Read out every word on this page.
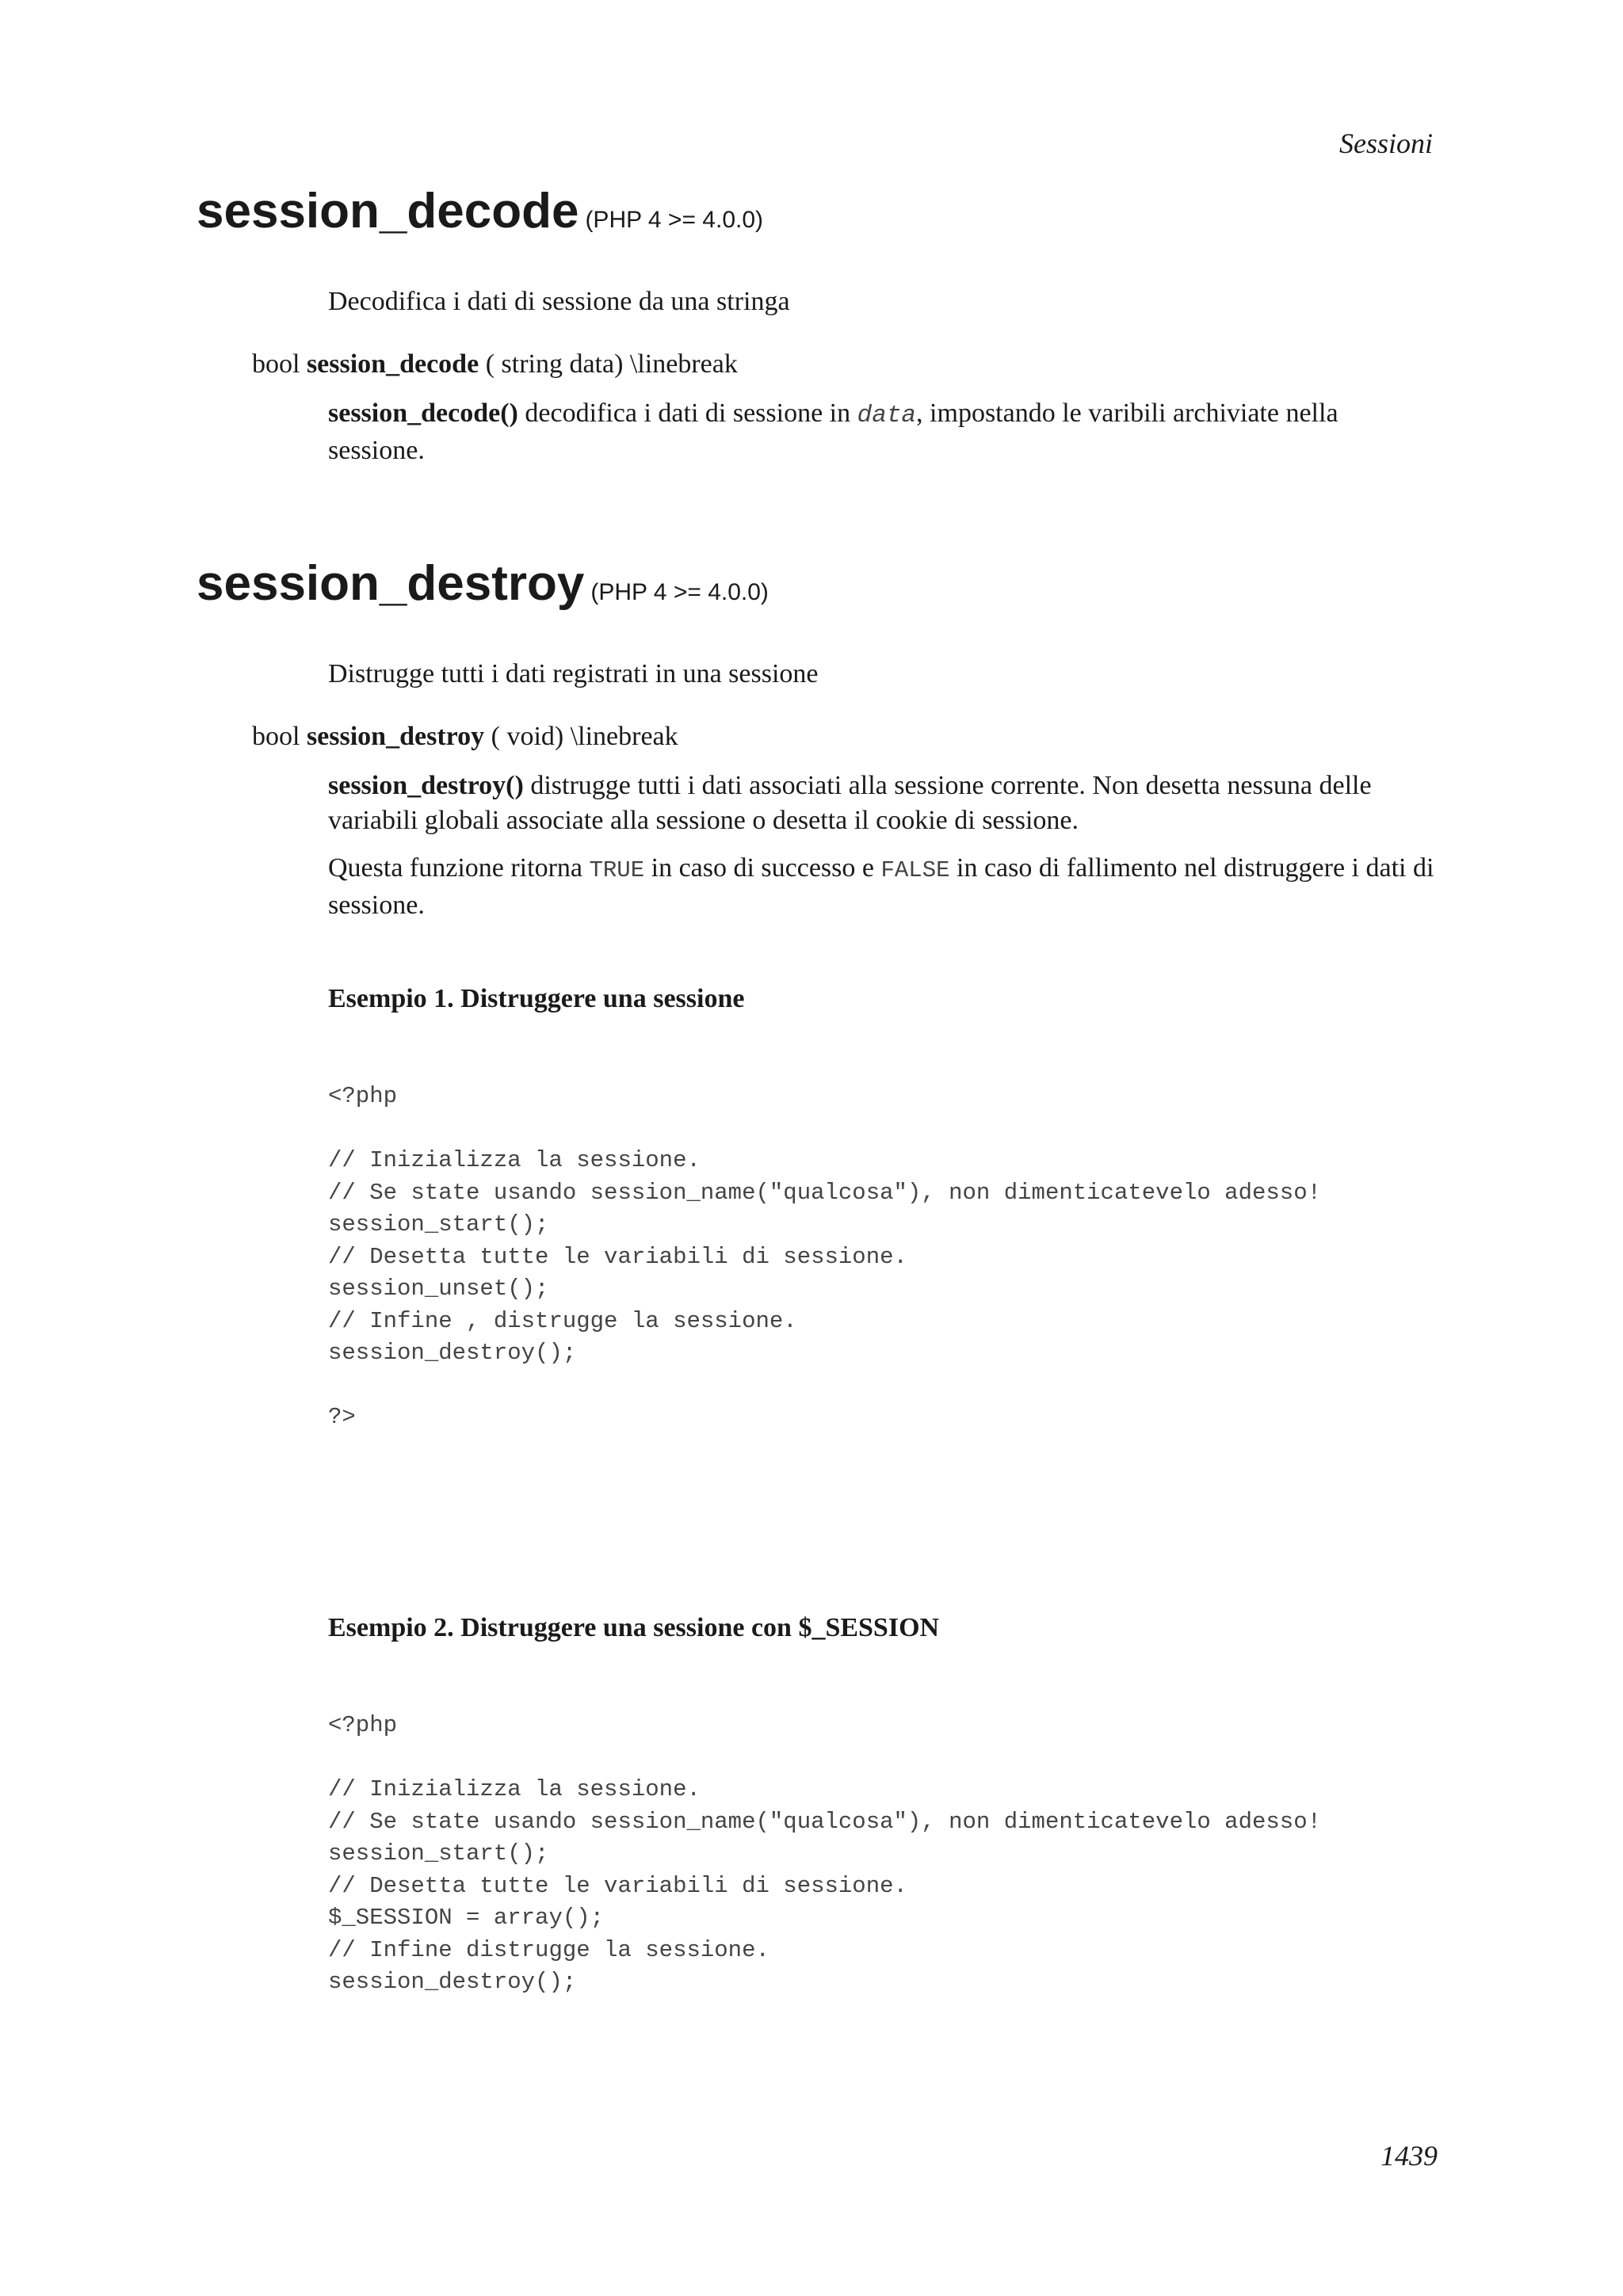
Sessioni
session_decode (PHP 4 >= 4.0.0)
Decodifica i dati di sessione da una stringa
bool session_decode ( string data) \linebreak
session_decode() decodifica i dati di sessione in data, impostando le varibili archiviate nella sessione.
session_destroy (PHP 4 >= 4.0.0)
Distrugge tutti i dati registrati in una sessione
bool session_destroy ( void) \linebreak
session_destroy() distrugge tutti i dati associati alla sessione corrente. Non desetta nessuna delle variabili globali associate alla sessione o desetta il cookie di sessione.
Questa funzione ritorna TRUE in caso di successo e FALSE in caso di fallimento nel distruggere i dati di sessione.
Esempio 1. Distruggere una sessione
<?php

// Inizializza la sessione.
// Se state usando session_name("qualcosa"), non dimenticatevelo adesso!
session_start();
// Desetta tutte le variabili di sessione.
session_unset();
// Infine , distrugge la sessione.
session_destroy();

?>
Esempio 2. Distruggere una sessione con $_SESSION
<?php

// Inizializza la sessione.
// Se state usando session_name("qualcosa"), non dimenticatevelo adesso!
session_start();
// Desetta tutte le variabili di sessione.
$_SESSION = array();
// Infine distrugge la sessione.
session_destroy();
1439
